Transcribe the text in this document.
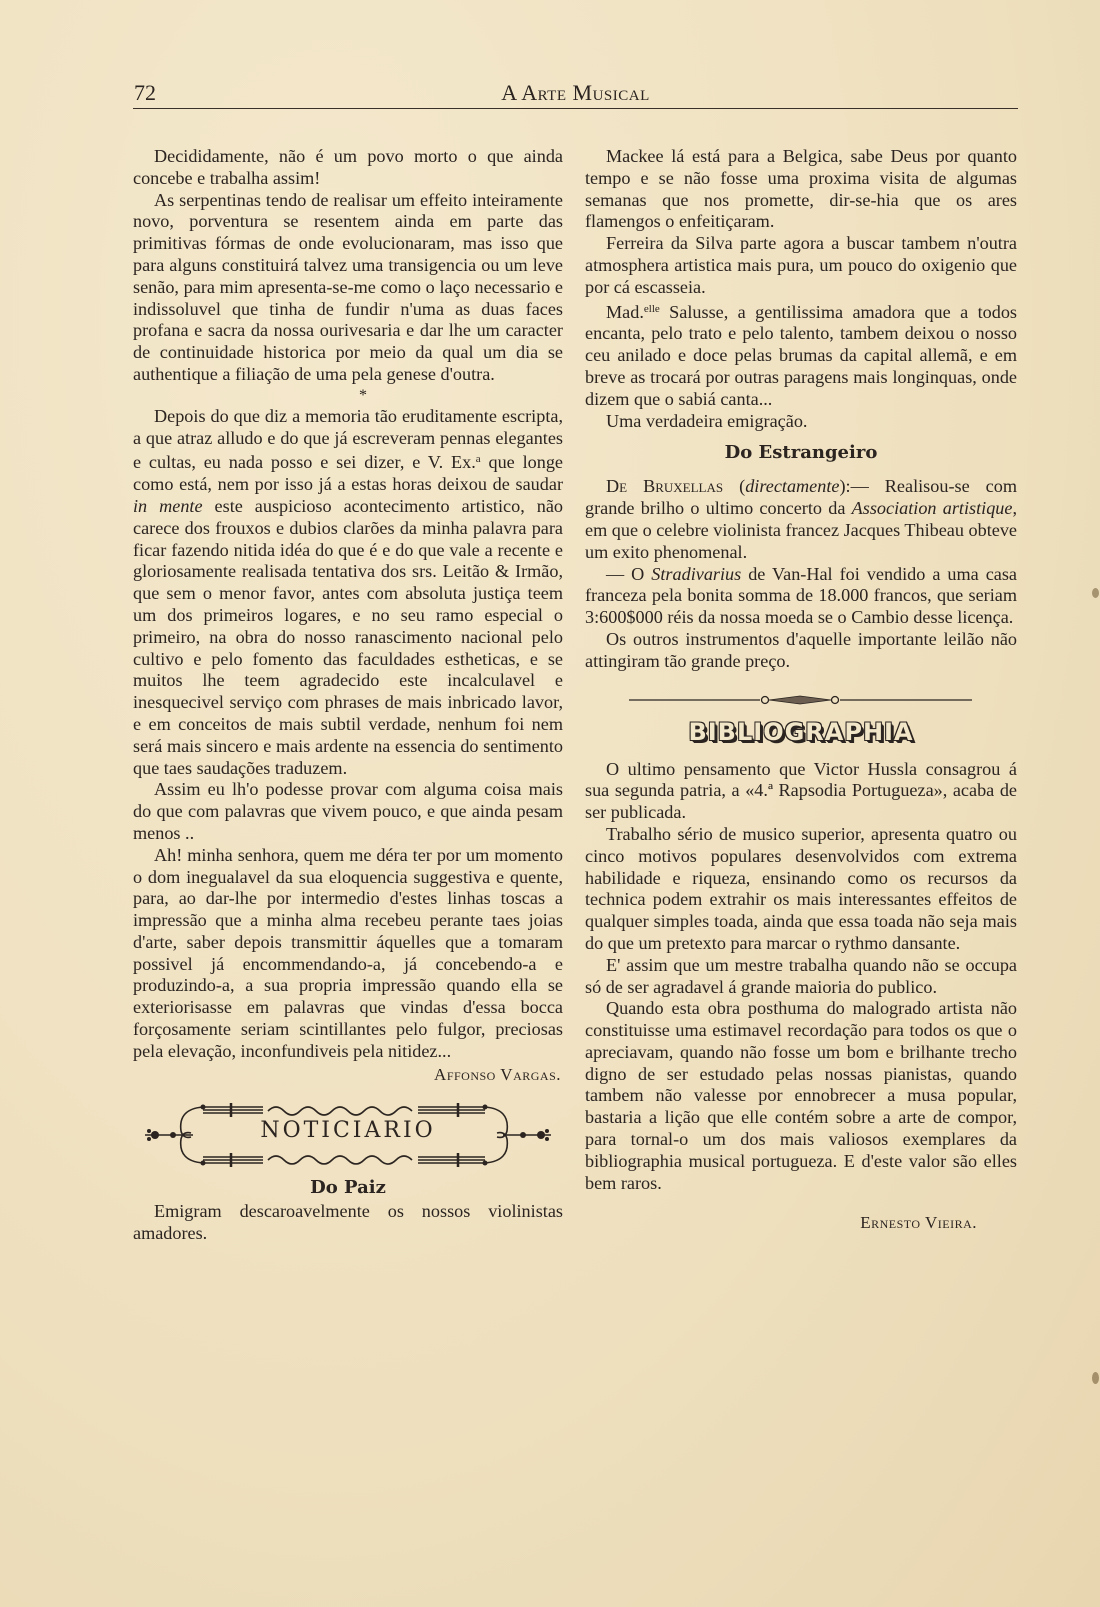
72	A Arte Musical

Decididamente, não é um povo morto o que ainda concebe e trabalha assim!

As serpentinas tendo de realisar um effeito inteiramente novo, porventura se resentem ainda em parte das primitivas fórmas de onde evolucionaram, mas isso que para alguns constituirá talvez uma transigencia ou um leve senão, para mim apresenta-se-me como o laço necessario e indissoluvel que tinha de fundir n'uma as duas faces profana e sacra da nossa ourivesaria e dar lhe um caracter de continuidade historica por meio da qual um dia se authentique a filiação de uma pela genese d'outra.

*

Depois do que diz a memoria tão eruditamente escripta, a que atraz alludo e do que já escreveram pennas elegantes e cultas, eu nada posso e sei dizer, e V. Ex.$^a$ que longe como está, nem por isso já a estas horas deixou de saudar in mente este auspicioso acontecimento artistico, não carece dos frouxos e dubios clarões da minha palavra para ficar fazendo nitida idéa do que é e do que vale a recente e gloriosamente realisada tentativa dos srs. Leitão & Irmão, que sem o menor favor, antes com absoluta justiça teem um dos primeiros logares, e no seu ramo especial o primeiro, na obra do nosso ranascimento nacional pelo cultivo e pelo fomento das faculdades estheticas, e se muitos lhe teem agradecido este incalculavel e inesquecivel serviço com phrases de mais inbricado lavor, e em conceitos de mais subtil verdade, nenhum foi nem será mais sincero e mais ardente na essencia do sentimento que taes saudações traduzem.

Assim eu lh'o podesse provar com alguma coisa mais do que com palavras que vivem pouco, e que ainda pesam menos ..

Ah! minha senhora, quem me déra ter por um momento o dom inegualavel da sua eloquencia suggestiva e quente, para, ao dar-lhe por intermedio d'estes linhas toscas a impressão que a minha alma recebeu perante taes joias d'arte, saber depois transmittir áquelles que a tomaram possivel já encommendando-a, já concebendo-a e produzindo-a, a sua propria impressão quando ella se exteriorisasse em palavras que vindas d'essa bocca forçosamente seriam scintillantes pelo fulgor, preciosas pela elevação, inconfundiveis pela nitidez...

Affonso Vargas.
NOTICIARIO
Do Paiz

Emigram descaroavelmente os nossos violinistas amadores.

Mackee lá está para a Belgica, sabe Deus por quanto tempo e se não fosse uma proxima visita de algumas semanas que nos promette, dir-se-hia que os ares flamengos o enfeitiçaram.

Ferreira da Silva parte agora a buscar tambem n'outra atmosphera artistica mais pura, um pouco do oxigenio que por cá escasseia.

Mad.$^{elle}$ Salusse, a gentilissima amadora que a todos encanta, pelo trato e pelo talento, tambem deixou o nosso ceu anilado e doce pelas brumas da capital allemã, e em breve as trocará por outras paragens mais longinquas, onde dizem que o sabiá canta...

Uma verdadeira emigração.

Do Estrangeiro

De Bruxellas (directamente):— Realisou-se com grande brilho o ultimo concerto da Association artistique, em que o celebre violinista francez Jacques Thibeau obteve um exito phenomenal.

— O Stradivarius de Van-Hal foi vendido a uma casa franceza pela bonita somma de 18.000 francos, que seriam 3:600$000 réis da nossa moeda se o Cambio desse licença.

Os outros instrumentos d'aquelle importante leilão não attingiram tão grande preço.

BIBLIOGRAPHIA

O ultimo pensamento que Victor Hussla consagrou á sua segunda patria, a «4.ª Rapsodia Portugueza», acaba de ser publicada.

Trabalho sério de musico superior, apresenta quatro ou cinco motivos populares desenvolvidos com extrema habilidade e riqueza, ensinando como os recursos da technica podem extrahir os mais interessantes effeitos de qualquer simples toada, ainda que essa toada não seja mais do que um pretexto para marcar o rythmo dansante.

E' assim que um mestre trabalha quando não se occupa só de ser agradavel á grande maioria do publico.

Quando esta obra posthuma do malogrado artista não constituisse uma estimavel recordação para todos os que o apreciavam, quando não fosse um bom e brilhante trecho digno de ser estudado pelas nossas pianistas, quando tambem não valesse por ennobrecer a musa popular, bastaria a lição que elle contém sobre a arte de compor, para tornal-o um dos mais valiosos exemplares da bibliographia musical portugueza. E d'este valor são elles bem raros.

Ernesto Vieira.
